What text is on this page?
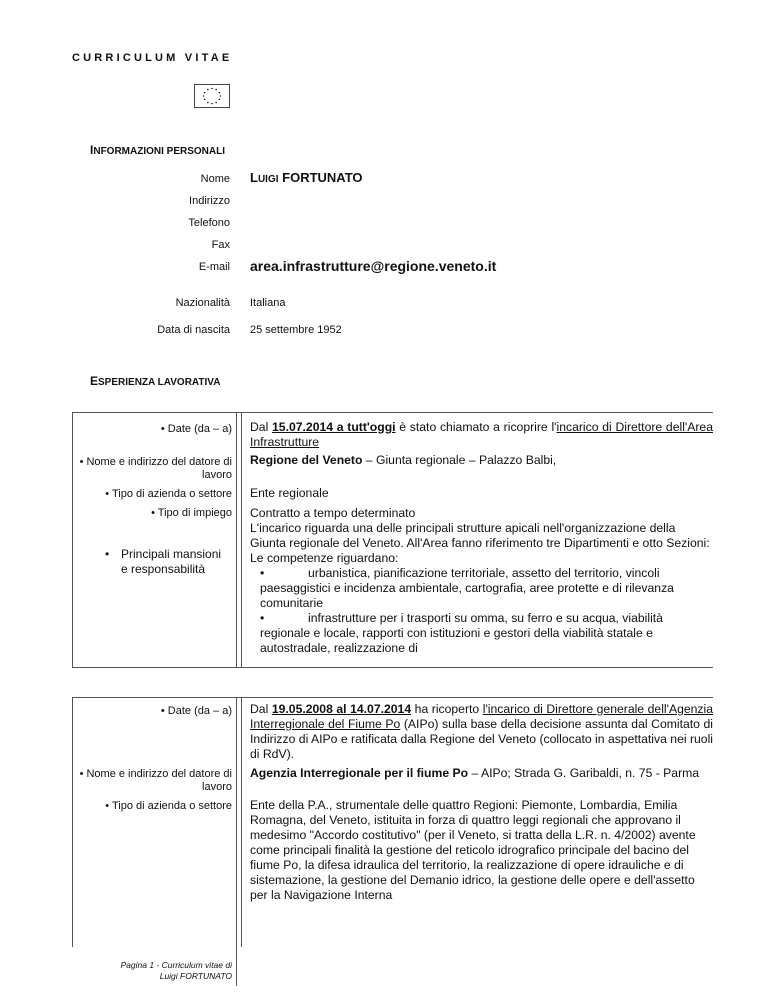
CURRICULUM VITAE
INFORMAZIONI PERSONALI
Nome LUIGI FORTUNATO
Indirizzo
Telefono
Fax
E-mail area.infrastrutture@regione.veneto.it
Nazionalità Italiana
Data di nascita 25 settembre 1952
ESPERIENZA LAVORATIVA
• Date (da – a)
• Nome e indirizzo del datore di
lavoro
• Tipo di azienda o settore
• Tipo di impiego
• Principali mansioni e responsabilità
Dal 15.07.2014 a tutt'oggi è stato chiamato a ricoprire l'incarico di Direttore dell'Area Infrastrutture
Regione del Veneto – Giunta regionale – Palazzo Balbi,
Ente regionale
Contratto a tempo determinato
L'incarico riguarda una delle principali strutture apicali nell'organizzazione della Giunta regionale del Veneto. All'Area fanno riferimento tre Dipartimenti e otto Sezioni: Le competenze riguardano:
•	urbanistica, pianificazione territoriale, assetto del territorio, vincoli paesaggistici e incidenza ambientale, cartografia, aree protette e di rilevanza comunitarie
•	infrastrutture per i trasporti su omma, su ferro e su acqua, viabilità regionale e locale, rapporti con istituzioni e gestori della viabilità statale e autostradale, realizzazione di
• Date (da – a)
• Nome e indirizzo del datore di
lavoro
• Tipo di azienda o settore
Dal 19.05.2008 al 14.07.2014 ha ricoperto l'incarico di Direttore generale dell'Agenzia Interregionale del Fiume Po (AIPo) sulla base della decisione assunta dal Comitato di Indirizzo di AIPo e ratificata dalla Regione del Veneto (collocato in aspettativa nei ruoli di RdV).
Agenzia Interregionale per il fiume Po – AIPo; Strada G. Garibaldi, n. 75 - Parma
Ente della P.A., strumentale delle quattro Regioni: Piemonte, Lombardia, Emilia Romagna, del Veneto, istituita in forza di quattro leggi regionali che approvano il medesimo "Accordo costitutivo" (per il Veneto, si tratta della L.R. n. 4/2002) avente come principali finalità la gestione del reticolo idrografico principale del bacino del fiume Po, la difesa idraulica del territorio, la realizzazione di opere idrauliche e di sistemazione, la gestione del Demanio idrico, la gestione delle opere e dell'assetto per la Navigazione Interna
Pagina 1 - Curriculum vitae di
Luigi FORTUNATO
